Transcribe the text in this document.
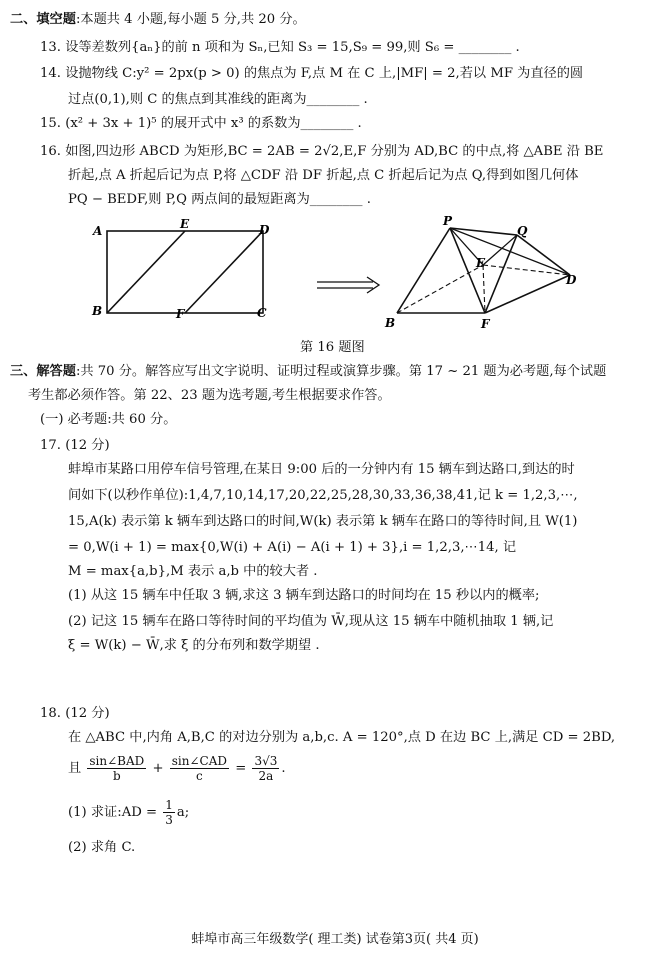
二、填空题:本题共 4 小题,每小题 5 分,共 20 分。
13. 设等差数列{aₙ}的前 n 项和为 Sₙ,已知 S₃ = 15,S₉ = 99,则 S₆ = ________ .
14. 设抛物线 C:y² = 2px(p > 0) 的焦点为 F,点 M 在 C 上,|MF| = 2,若以 MF 为直径的圆
过点(0,1),则 C 的焦点到其准线的距离为________ .
15. (x² + 3x + 1)⁵ 的展开式中 x³ 的系数为________ .
16. 如图,四边形 ABCD 为矩形,BC = 2AB = 2√2,E,F 分别为 AD,BC 的中点,将 △ABE 沿 BE
折起,点 A 折起后记为点 P,将 △CDF 沿 DF 折起,点 C 折起后记为点 Q,得到如图几何体
PQ − BEDF,则 P,Q 两点间的最短距离为________ .
A	E	D
B	F	C
P
Q
E
D
B	F
第 16 题图
三、解答题:共 70 分。解答应写出文字说明、证明过程或演算步骤。第 17 ~ 21 题为必考题,每个试题
考生都必须作答。第 22、23 题为选考题,考生根据要求作答。
(一) 必考题:共 60 分。
17. (12 分)
蚌埠市某路口用停车信号管理,在某日 9:00 后的一分钟内有 15 辆车到达路口,到达的时
间如下(以秒作单位):1,4,7,10,14,17,20,22,25,28,30,33,36,38,41,记 k = 1,2,3,⋯,
15,A(k) 表示第 k 辆车到达路口的时间,W(k) 表示第 k 辆车在路口的等待时间,且 W(1)
= 0,W(i + 1) = max{0,W(i) + A(i) − A(i + 1) + 3},i = 1,2,3,⋯14, 记
M = max{a,b},M 表示 a,b 中的较大者 .
(1) 从这 15 辆车中任取 3 辆,求这 3 辆车到达路口的时间均在 15 秒以内的概率;
(2) 记这 15 辆车在路口等待时间的平均值为 W̄,现从这 15 辆车中随机抽取 1 辆,记
ξ = W(k) − W̄,求 ξ 的分布列和数学期望 .
18. (12 分)
在 △ABC 中,内角 A,B,C 的对边分别为 a,b,c. A = 120°,点 D 在边 BC 上,满足 CD = 2BD,
且 $\frac{\text{sin∠BAD}}{b} + \frac{\text{sin∠CAD}}{c} = \frac{3√3}{2a}$ .
(1) 求证:AD = $\frac{1}{3} a$;
(2) 求角 C.
蚌埠市高三年级数学( 理工类) 试卷第3页( 共4 页)
